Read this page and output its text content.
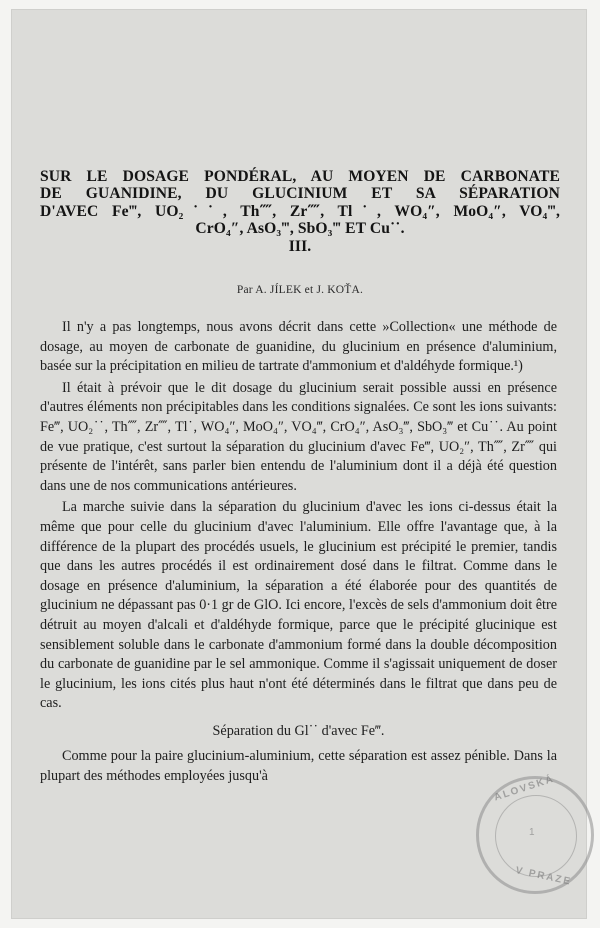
SUR LE DOSAGE PONDÉRAL, AU MOYEN DE CARBONATE
DE GUANIDINE, DU GLUCINIUM ET SA SÉPARATION
D'AVEC Fe‴, UO₂˙˙, Th⁗, Zr⁗, Tl˙, WO₄″, MoO₄″, VO₄‴,
CrO₄″, AsO₃‴, SbO₃‴ ET Cu˙˙.
III.
Par A. JÍLEK et J. KOŤA.

Il n'y a pas longtemps, nous avons décrit dans cette »Collection« une méthode de dosage, au moyen de carbonate de guanidine, du glucinium en présence d'aluminium, basée sur la précipitation en milieu de tartrate d'ammonium et d'aldéhyde formique.¹)

Il était à prévoir que le dit dosage du glucinium serait possible aussi en présence d'autres éléments non précipitables dans les conditions signalées. Ce sont les ions suivants: Fe‴, UO₂˙˙, Th⁗, Zr⁗, Tl˙, WO₄″, MoO₄″, VO₄‴, CrO₄″, AsO₃‴, SbO₃‴ et Cu˙˙. Au point de vue pratique, c'est surtout la séparation du glucinium d'avec Fe‴, UO₂″, Th⁗, Zr⁗ qui présente de l'intérêt, sans parler bien entendu de l'aluminium dont il a déjà été question dans une de nos communications antérieures.

La marche suivie dans la séparation du glucinium d'avec les ions ci-dessus était la même que pour celle du glucinium d'avec l'aluminium. Elle offre l'avantage que, à la différence de la plupart des procédés usuels, le glucinium est précipité le premier, tandis que dans les autres procédés il est ordinairement dosé dans le filtrat. Comme dans le dosage en présence d'aluminium, la séparation a été élaborée pour des quantités de glucinium ne dépassant pas 0·1 gr de GlO. Ici encore, l'excès de sels d'ammonium doit être détruit au moyen d'alcali et d'aldéhyde formique, parce que le précipité glucinique est sensiblement soluble dans le carbonate d'ammonium formé dans la double décomposition du carbonate de guanidine par le sel ammonique. Comme il s'agissait uniquement de doser le glucinium, les ions cités plus haut n'ont été déterminés dans le filtrat que dans peu de cas.

Séparation du Gl˙˙ d'avec Fe‴.

Comme pour la paire glucinium-aluminium, cette séparation est assez pénible. Dans la plupart des méthodes employées jusqu'à	ALOVSKÁ
1
V PRAZE
